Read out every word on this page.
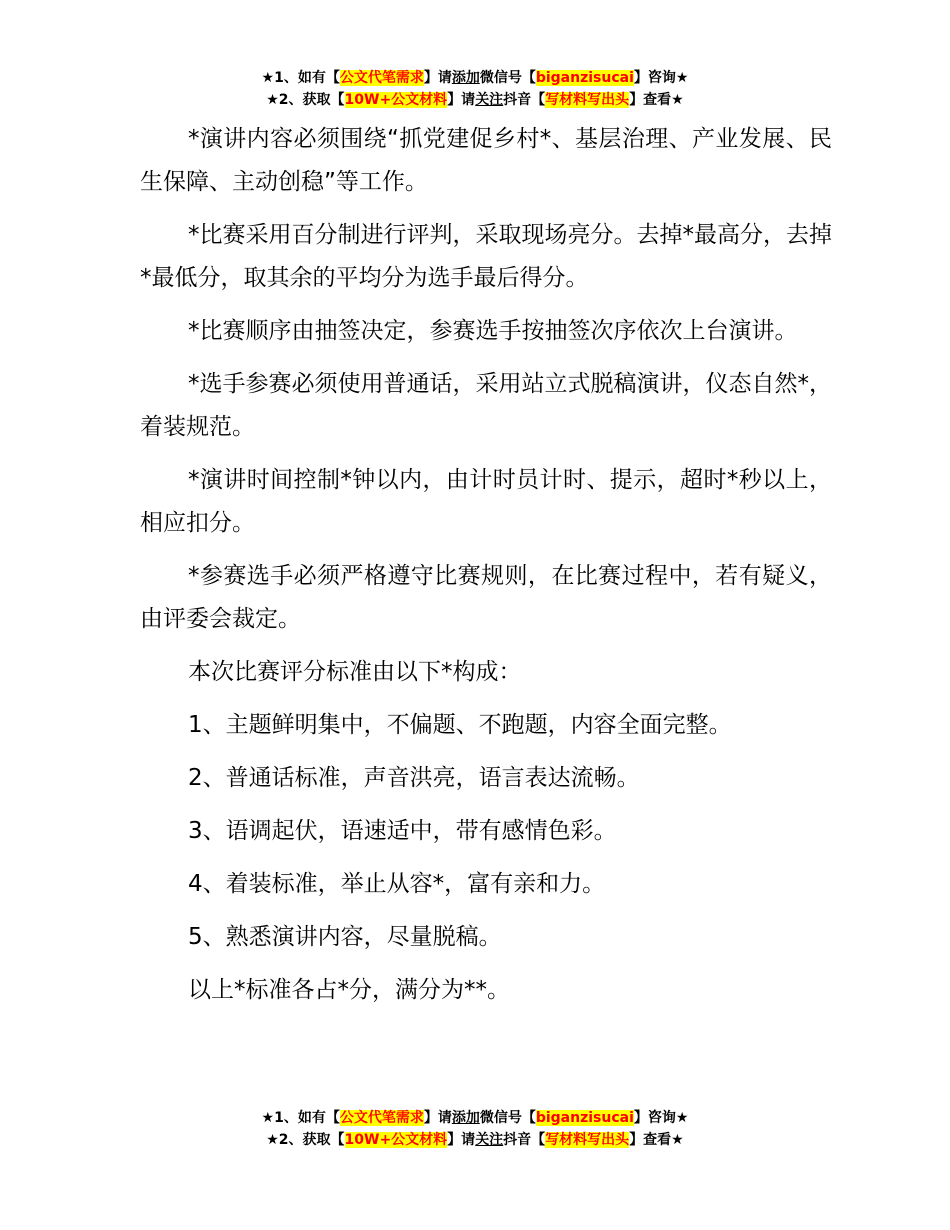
★1、如有【公文代笔需求】请添加微信号【biganzisucai】咨询★
★2、获取【10W+公文材料】请关注抖音【写材料写出头】查看★

*演讲内容必须围绕“抓党建促乡村*、基层治理、产业发展、民生保障、主动创稳”等工作。

*比赛采用百分制进行评判，采取现场亮分。去掉*最高分，去掉*最低分，取其余的平均分为选手最后得分。

*比赛顺序由抽签决定，参赛选手按抽签次序依次上台演讲。

*选手参赛必须使用普通话，采用站立式脱稿演讲，仪态自然*，着装规范。

*演讲时间控制*钟以内，由计时员计时、提示，超时*秒以上，相应扣分。

*参赛选手必须严格遵守比赛规则，在比赛过程中，若有疑义，由评委会裁定。

本次比赛评分标准由以下*构成：

1、主题鲜明集中，不偏题、不跑题，内容全面完整。

2、普通话标准，声音洪亮，语言表达流畅。

3、语调起伏，语速适中，带有感情色彩。

4、着装标准，举止从容*，富有亲和力。

5、熟悉演讲内容，尽量脱稿。

以上*标准各占*分，满分为**。

★1、如有【公文代笔需求】请添加微信号【biganzisucai】咨询★
★2、获取【10W+公文材料】请关注抖音【写材料写出头】查看★
